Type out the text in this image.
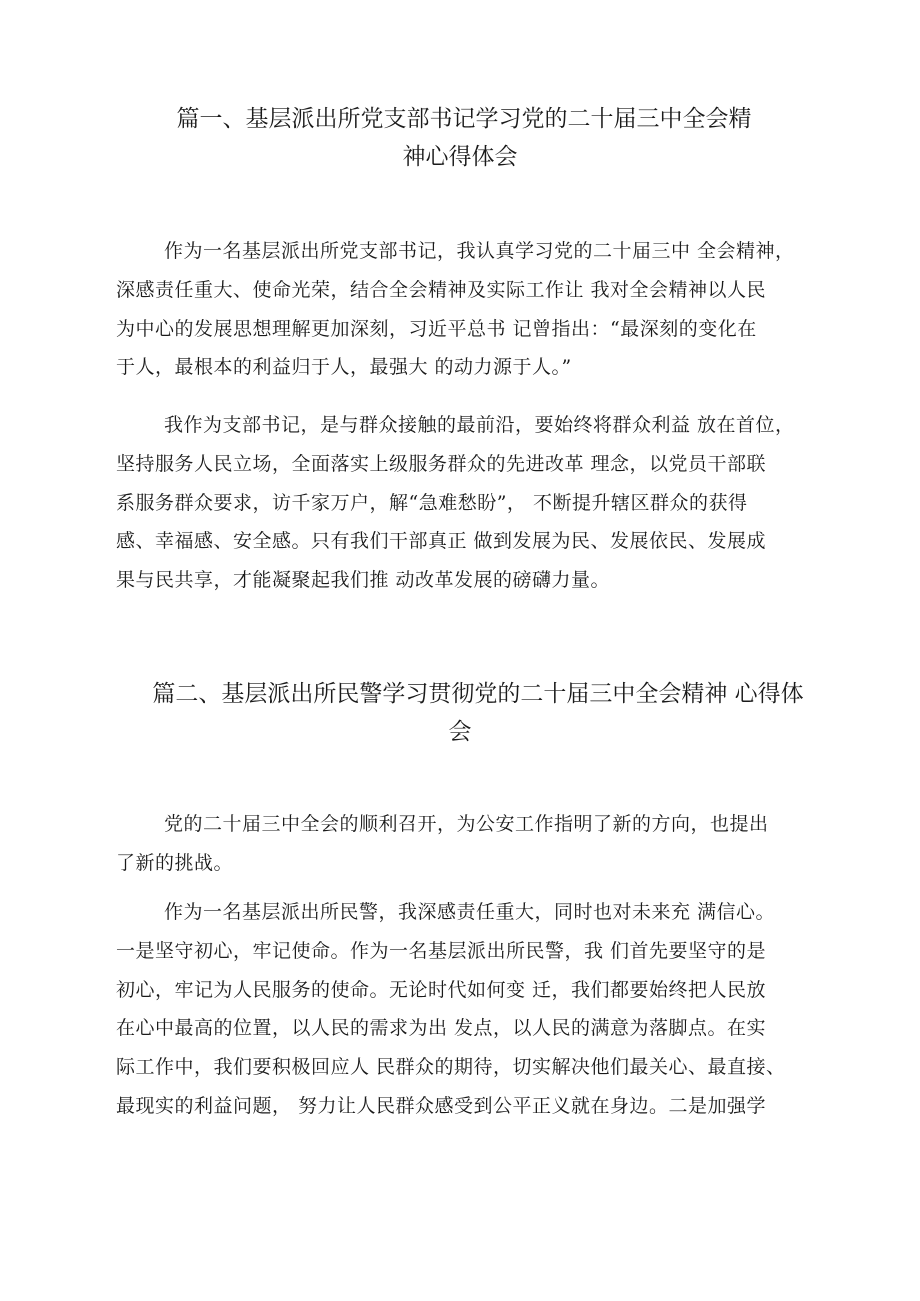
篇一、基层派出所党支部书记学习党的二十届三中全会精
神心得体会

作为一名基层派出所党支部书记，我认真学习党的二十届三中 全会精神，
深感责任重大、使命光荣，结合全会精神及实际工作让 我对全会精神以人民
为中心的发展思想理解更加深刻，习近平总书 记曾指出：“最深刻的变化在
于人，最根本的利益归于人，最强大 的动力源于人。”

我作为支部书记，是与群众接触的最前沿，要始终将群众利益 放在首位，
坚持服务人民立场，全面落实上级服务群众的先进改革 理念，以党员干部联
系服务群众要求，访千家万户，解“急难愁盼”， 不断提升辖区群众的获得
感、幸福感、安全感。只有我们干部真正 做到发展为民、发展依民、发展成
果与民共享，才能凝聚起我们推 动改革发展的磅礴力量。

篇二、基层派出所民警学习贯彻党的二十届三中全会精神 心得体
会

党的二十届三中全会的顺利召开，为公安工作指明了新的方向，也提出
了新的挑战。

作为一名基层派出所民警，我深感责任重大，同时也对未来充 满信心。
一是坚守初心，牢记使命。作为一名基层派出所民警，我 们首先要坚守的是
初心，牢记为人民服务的使命。无论时代如何变 迁，我们都要始终把人民放
在心中最高的位置，以人民的需求为出 发点，以人民的满意为落脚点。在实
际工作中，我们要积极回应人 民群众的期待，切实解决他们最关心、最直接、
最现实的利益问题， 努力让人民群众感受到公平正义就在身边。二是加强学
